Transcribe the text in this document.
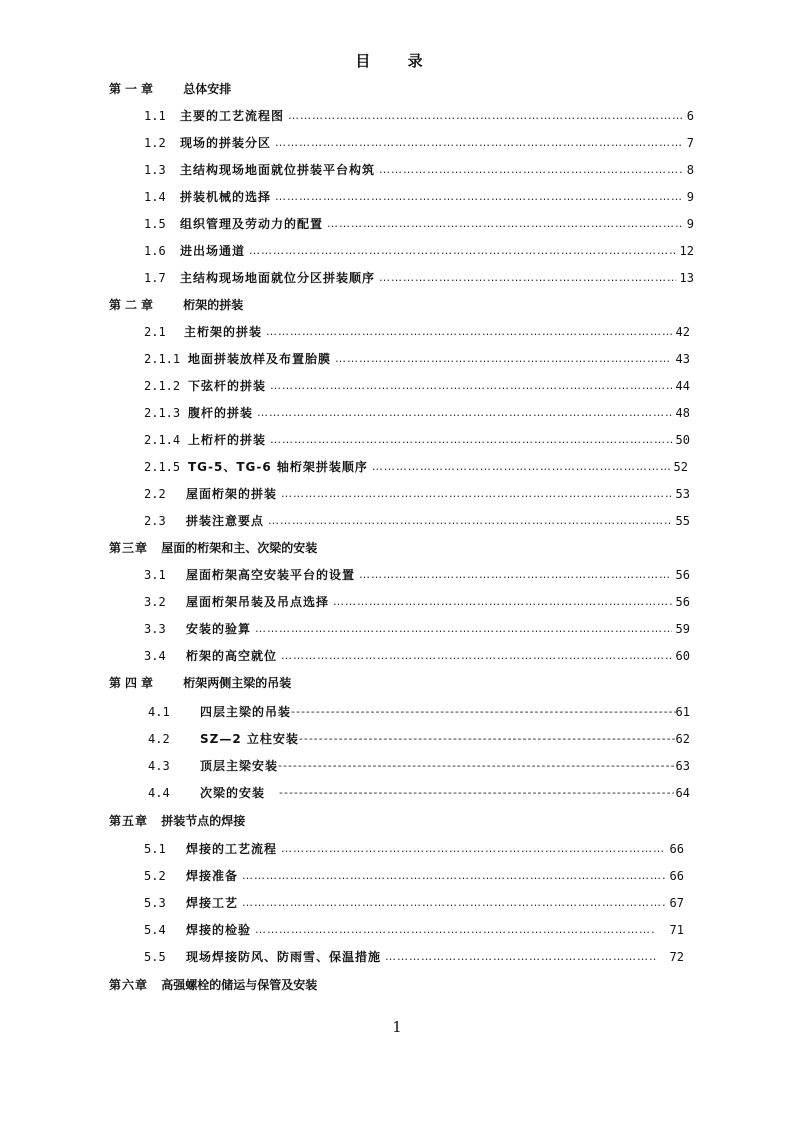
目 录
第一章 总体安排
1.1	主要的工艺流程图 ……………………………………………………………………………………………………………………………………………………………………………………………	6
1.2	现场的拼装分区 ……………………………………………………………………………………………………………………………………………………………………………………………	7
1.3	主结构现场地面就位拼装平台构筑 ……………………………………………………………………………………………………………………………………………………………………………………………	8
1.4	拼装机械的选择 ……………………………………………………………………………………………………………………………………………………………………………………………	9
1.5	组织管理及劳动力的配置 ……………………………………………………………………………………………………………………………………………………………………………………………	9
1.6	进出场通道 ……………………………………………………………………………………………………………………………………………………………………………………………	12
1.7	主结构现场地面就位分区拼装顺序 ……………………………………………………………………………………………………………………………………………………………………………………………	13
第二章 桁架的拼装
2.1	主桁架的拼装 ……………………………………………………………………………………………………………………………………………………………………………………………	42
2.1.1 地面拼装放样及布置胎膜 ……………………………………………………………………………………………………………………………………………………………………………………………	43
2.1.2 下弦杆的拼装 ……………………………………………………………………………………………………………………………………………………………………………………………	44
2.1.3 腹杆的拼装 ……………………………………………………………………………………………………………………………………………………………………………………………	48
2.1.4 上桁杆的拼装 ……………………………………………………………………………………………………………………………………………………………………………………………	50
2.1.5 TG-5、TG-6 轴桁架拼装顺序 ……………………………………………………………………………………………………………………………………………………………………………………………	52
2.2	屋面桁架的拼装 ……………………………………………………………………………………………………………………………………………………………………………………………	53
2.3	拼装注意要点 ……………………………………………………………………………………………………………………………………………………………………………………………	55
第三章 屋面的桁架和主、次梁的安装
3.1	屋面桁架高空安装平台的设置 ……………………………………………………………………………………………………………………………………………………………………………………………	56
3.2	屋面桁架吊装及吊点选择 ……………………………………………………………………………………………………………………………………………………………………………………………	56
3.3	安装的验算 ……………………………………………………………………………………………………………………………………………………………………………………………	59
3.4	桁架的高空就位 ……………………………………………………………………………………………………………………………………………………………………………………………	60
第四章 桁架两侧主梁的吊装
4.1	四层主梁的吊装 -----	61
4.2	SZ—2 立柱安装 -----	62
4.3	顶层主梁安装 -----	63
4.4	次梁的安装 -----	64
第五章 拼装节点的焊接
5.1	焊接的工艺流程 ……………………………………………………………………………………………………………………………………………………………………………………………	66
5.2	焊接准备 ……………………………………………………………………………………………………………………………………………………………………………………………	66
5.3	焊接工艺 ……………………………………………………………………………………………………………………………………………………………………………………………	67
5.4	焊接的检验 ……………………………………………………………………………………………………………………………………………………………………………………………	71
5.5	现场焊接防风、防雨雪、保温措施 ……………………………………………………………………………………………………………………………………………………………………………………………	72
第六章 高强螺栓的储运与保管及安装
1
